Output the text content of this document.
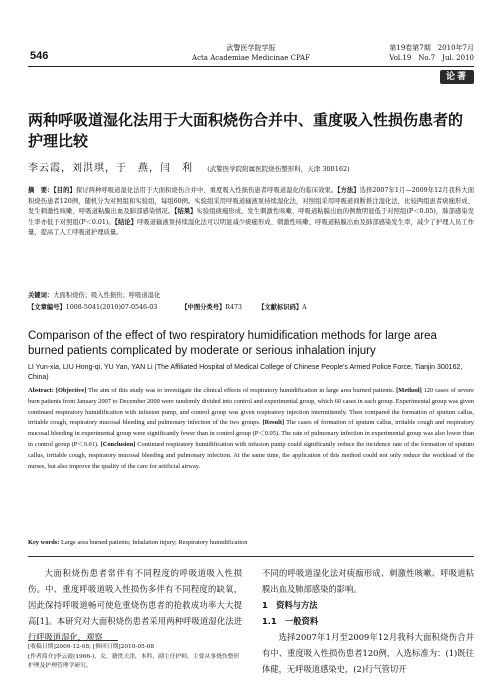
546
武警医学院学报
Acta Academiae Medicinae CPAF
第19卷第7期　2010年7月
Vol.19　No.7　Jul. 2010
论著
两种呼吸道湿化法用于大面积烧伤合并中、重度吸入性损伤患者的护理比较
李云霞，刘洪琪，于　燕，闫　利 (武警医学院附属医院烧伤整形科，天津 300162)
摘　要：【目的】探讨两种呼吸道湿化法用于大面积烧伤合并中、重度吸入性损伤患者呼吸道湿化的临床效果。【方法】选择2007年1月—2009年12月我科大面积烧伤患者120例，随机分为对照组和实验组，每组60例。实验组采用呼吸道输液泵持续湿化法，对照组采用呼吸道间断推注湿化法，比较两组患者痰痂形成、发生刺激性咳嗽、呼吸道粘膜出血及肺部感染情况。【结果】实验组痰痂形成、发生刺激性咳嗽、呼吸道粘膜出血的例数明显低于对照组(P＜0.05)，肺部感染发生率亦低于对照组(P＜0.01)。【结论】呼吸道输液泵持续湿化法可以明显减少痰痂形成、刺激性咳嗽、呼吸道粘膜出血及肺部感染发生率，减少了护理人员工作量，提高了人工呼吸道护理质量。
关键词：大面积烧伤；吸入性损伤；呼吸道湿化
【文章编号】1008-5041(2010)07-0546-03	【中图分类号】R473	【文献标识码】A
Comparison of the effect of two respiratory humidification methods for large area burned patients complicated by moderate or serious inhalation injury
LI Yun-xia, LIU Hong-qi, YU Yan, YAN Li (The Affiliated Hospital of Medical College of Chinese People's Armed Police Force, Tianjin 300162, China)
Abstract: [Objective] The aim of this study was to investigate the clinical effects of respiratory humidification in large area burned patients. [Method] 120 cases of severe burn patients from January 2007 to December 2009 were randomly divided into control and experimental group, which 60 cases in each group. Experimental group was given continued respiratory humidification with infusion pump, and control group was given respiratory injection intermittently. Then compared the formation of sputum callus, irritable cough, respiratory mucosal bleeding and pulmonary infection of the two groups. [Result] The cases of formation of sputum callus, irritable cough and respiratory mucosal bleeding in experimental group were significantly fewer than in control group (P＜0.05). The rate of pulmonary infection in experimental group was also lower than in control group (P＜0.01). [Conclusion] Continued respiratory humidification with infusion pump could significantly reduce the incidence rate of the formation of sputum callus, irritable cough, respiratory mucosal bleeding and pulmonary infection. At the same time, the application of this method could not only reduce the workload of the nurses, but also improve the quality of the care for artificial airway.
Key words: Large area burned patients; Inhalation injury; Respiratory humidification
大面积烧伤患者常伴有不同程度的呼吸道吸入性损伤。中、重度呼吸道吸入性损伤多伴有不同程度的缺氧，因此保持呼吸道畅可使危重烧伤患者的抢救成功率大大提高[1]。本研究对大面积烧伤患者采用两种呼吸道湿化法进行呼吸道湿化，观察
不同的呼吸道湿化法对痰痂形成、刺激性咳嗽、呼吸道粘膜出血及肺部感染的影响。
1　资料与方法
1.1　一般资料
选择2007年1月至2009年12月我科大面积烧伤合并有中、重度吸入性损伤患者120例，入选标准为：(1)既往体健，无呼吸道感染史，(2)行气管切开
[收稿日期]2009-12-08; [修回日期]2010-05-08
[作者简介]李云霞(1966-)，女，籍贯天津，本科，副主任护师，主要从事烧伤整形护理及护理管理学研究。
